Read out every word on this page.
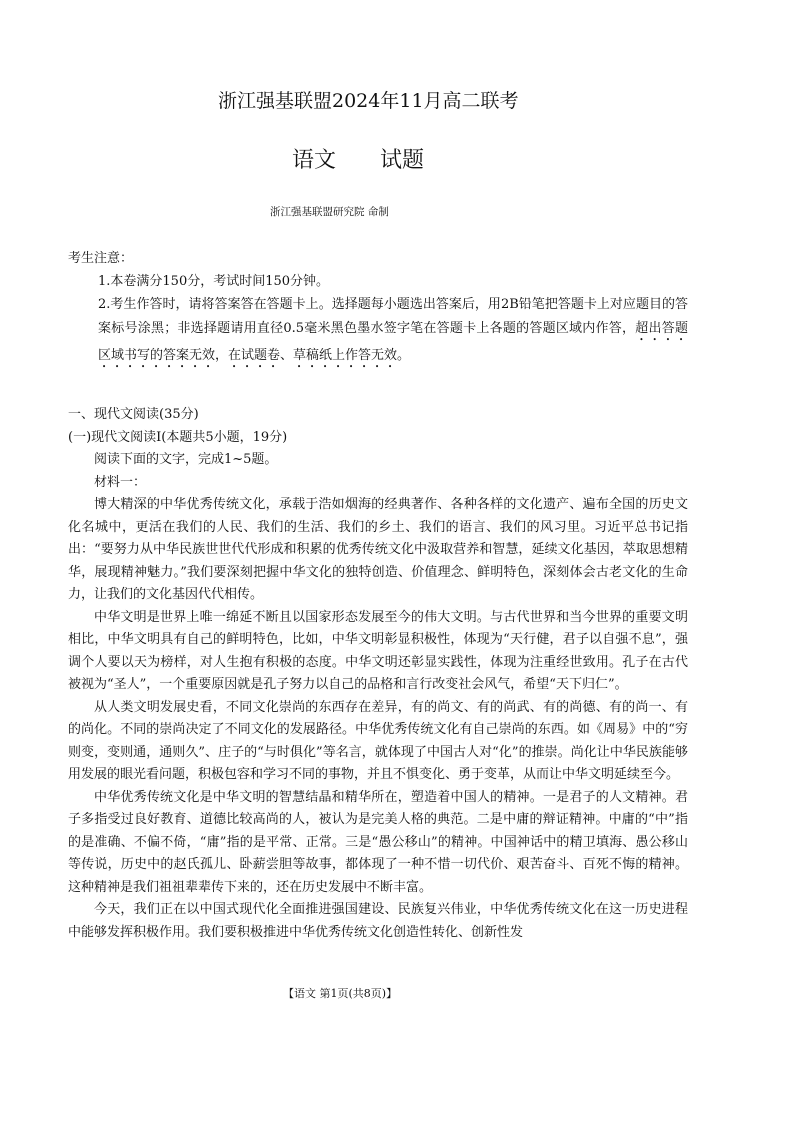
浙江强基联盟2024年11月高二联考
语文 试题
浙江强基联盟研究院 命制

考生注意：

1.本卷满分150分，考试时间150分钟。

2.考生作答时，请将答案答在答题卡上。选择题每小题选出答案后，用2B铅笔把答题卡上对应题目的答案标号涂黑；非选择题请用直径0.5毫米黑色墨水签字笔在答题卡上各题的答题区域内作答，超出答题区域书写的答案无效，在试题卷、草稿纸上作答无效。

一、现代文阅读(35分)

(一)现代文阅读Ⅰ(本题共5小题，19分)

阅读下面的文字，完成1~5题。

材料一：

博大精深的中华优秀传统文化，承载于浩如烟海的经典著作、各种各样的文化遗产、遍布全国的历史文化名城中，更活在我们的人民、我们的生活、我们的乡土、我们的语言、我们的风习里。习近平总书记指出：“要努力从中华民族世世代代形成和积累的优秀传统文化中汲取营养和智慧，延续文化基因，萃取思想精华，展现精神魅力。”我们要深刻把握中华文化的独特创造、价值理念、鲜明特色，深刻体会古老文化的生命力，让我们的文化基因代代相传。

中华文明是世界上唯一绵延不断且以国家形态发展至今的伟大文明。与古代世界和当今世界的重要文明相比，中华文明具有自己的鲜明特色，比如，中华文明彰显积极性，体现为“天行健，君子以自强不息”，强调个人要以天为榜样，对人生抱有积极的态度。中华文明还彰显实践性，体现为注重经世致用。孔子在古代被视为“圣人”，一个重要原因就是孔子努力以自己的品格和言行改变社会风气，希望“天下归仁”。

从人类文明发展史看，不同文化崇尚的东西存在差异，有的尚文、有的尚武、有的尚德、有的尚一、有的尚化。不同的崇尚决定了不同文化的发展路径。中华优秀传统文化有自己崇尚的东西。如《周易》中的“穷则变，变则通，通则久”、庄子的“与时俱化”等名言，就体现了中国古人对“化”的推崇。尚化让中华民族能够用发展的眼光看问题，积极包容和学习不同的事物，并且不惧变化、勇于变革，从而让中华文明延续至今。

中华优秀传统文化是中华文明的智慧结晶和精华所在，塑造着中国人的精神。一是君子的人文精神。君子多指受过良好教育、道德比较高尚的人，被认为是完美人格的典范。二是中庸的辩证精神。中庸的“中”指的是准确、不偏不倚，“庸”指的是平常、正常。三是“愚公移山”的精神。中国神话中的精卫填海、愚公移山等传说，历史中的赵氏孤儿、卧薪尝胆等故事，都体现了一种不惜一切代价、艰苦奋斗、百死不悔的精神。这种精神是我们祖祖辈辈传下来的，还在历史发展中不断丰富。

今天，我们正在以中国式现代化全面推进强国建设、民族复兴伟业，中华优秀传统文化在这一历史进程中能够发挥积极作用。我们要积极推进中华优秀传统文化创造性转化、创新性发

【语文 第1页(共8页)】
